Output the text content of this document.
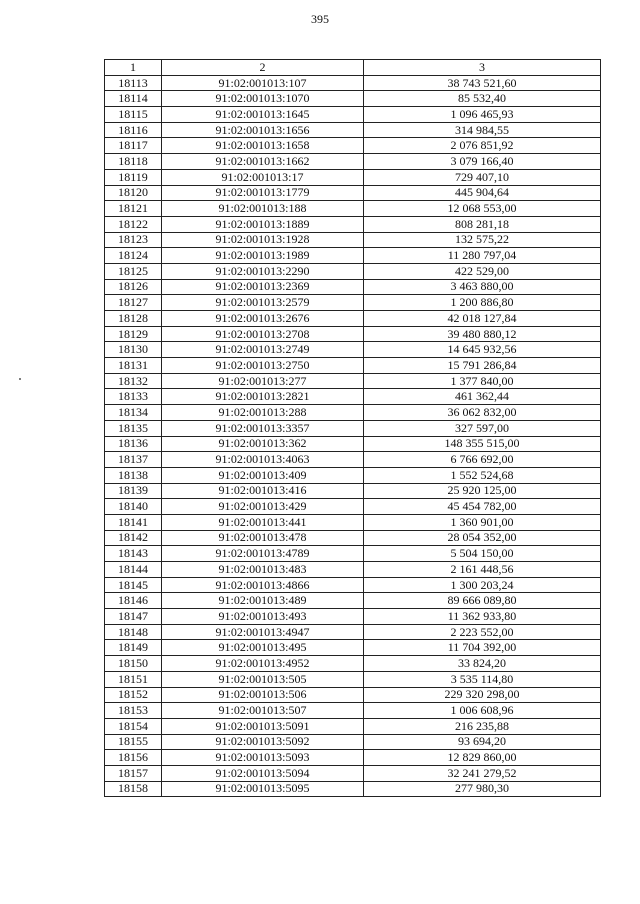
395
1	2	3
18113	91:02:001013:107	38 743 521,60
18114	91:02:001013:1070	85 532,40
18115	91:02:001013:1645	1 096 465,93
18116	91:02:001013:1656	314 984,55
18117	91:02:001013:1658	2 076 851,92
18118	91:02:001013:1662	3 079 166,40
18119	91:02:001013:17	729 407,10
18120	91:02:001013:1779	445 904,64
18121	91:02:001013:188	12 068 553,00
18122	91:02:001013:1889	808 281,18
18123	91:02:001013:1928	132 575,22
18124	91:02:001013:1989	11 280 797,04
18125	91:02:001013:2290	422 529,00
18126	91:02:001013:2369	3 463 880,00
18127	91:02:001013:2579	1 200 886,80
18128	91:02:001013:2676	42 018 127,84
18129	91:02:001013:2708	39 480 880,12
18130	91:02:001013:2749	14 645 932,56
18131	91:02:001013:2750	15 791 286,84
18132	91:02:001013:277	1 377 840,00
18133	91:02:001013:2821	461 362,44
18134	91:02:001013:288	36 062 832,00
18135	91:02:001013:3357	327 597,00
18136	91:02:001013:362	148 355 515,00
18137	91:02:001013:4063	6 766 692,00
18138	91:02:001013:409	1 552 524,68
18139	91:02:001013:416	25 920 125,00
18140	91:02:001013:429	45 454 782,00
18141	91:02:001013:441	1 360 901,00
18142	91:02:001013:478	28 054 352,00
18143	91:02:001013:4789	5 504 150,00
18144	91:02:001013:483	2 161 448,56
18145	91:02:001013:4866	1 300 203,24
18146	91:02:001013:489	89 666 089,80
18147	91:02:001013:493	11 362 933,80
18148	91:02:001013:4947	2 223 552,00
18149	91:02:001013:495	11 704 392,00
18150	91:02:001013:4952	33 824,20
18151	91:02:001013:505	3 535 114,80
18152	91:02:001013:506	229 320 298,00
18153	91:02:001013:507	1 006 608,96
18154	91:02:001013:5091	216 235,88
18155	91:02:001013:5092	93 694,20
18156	91:02:001013:5093	12 829 860,00
18157	91:02:001013:5094	32 241 279,52
18158	91:02:001013:5095	277 980,30
